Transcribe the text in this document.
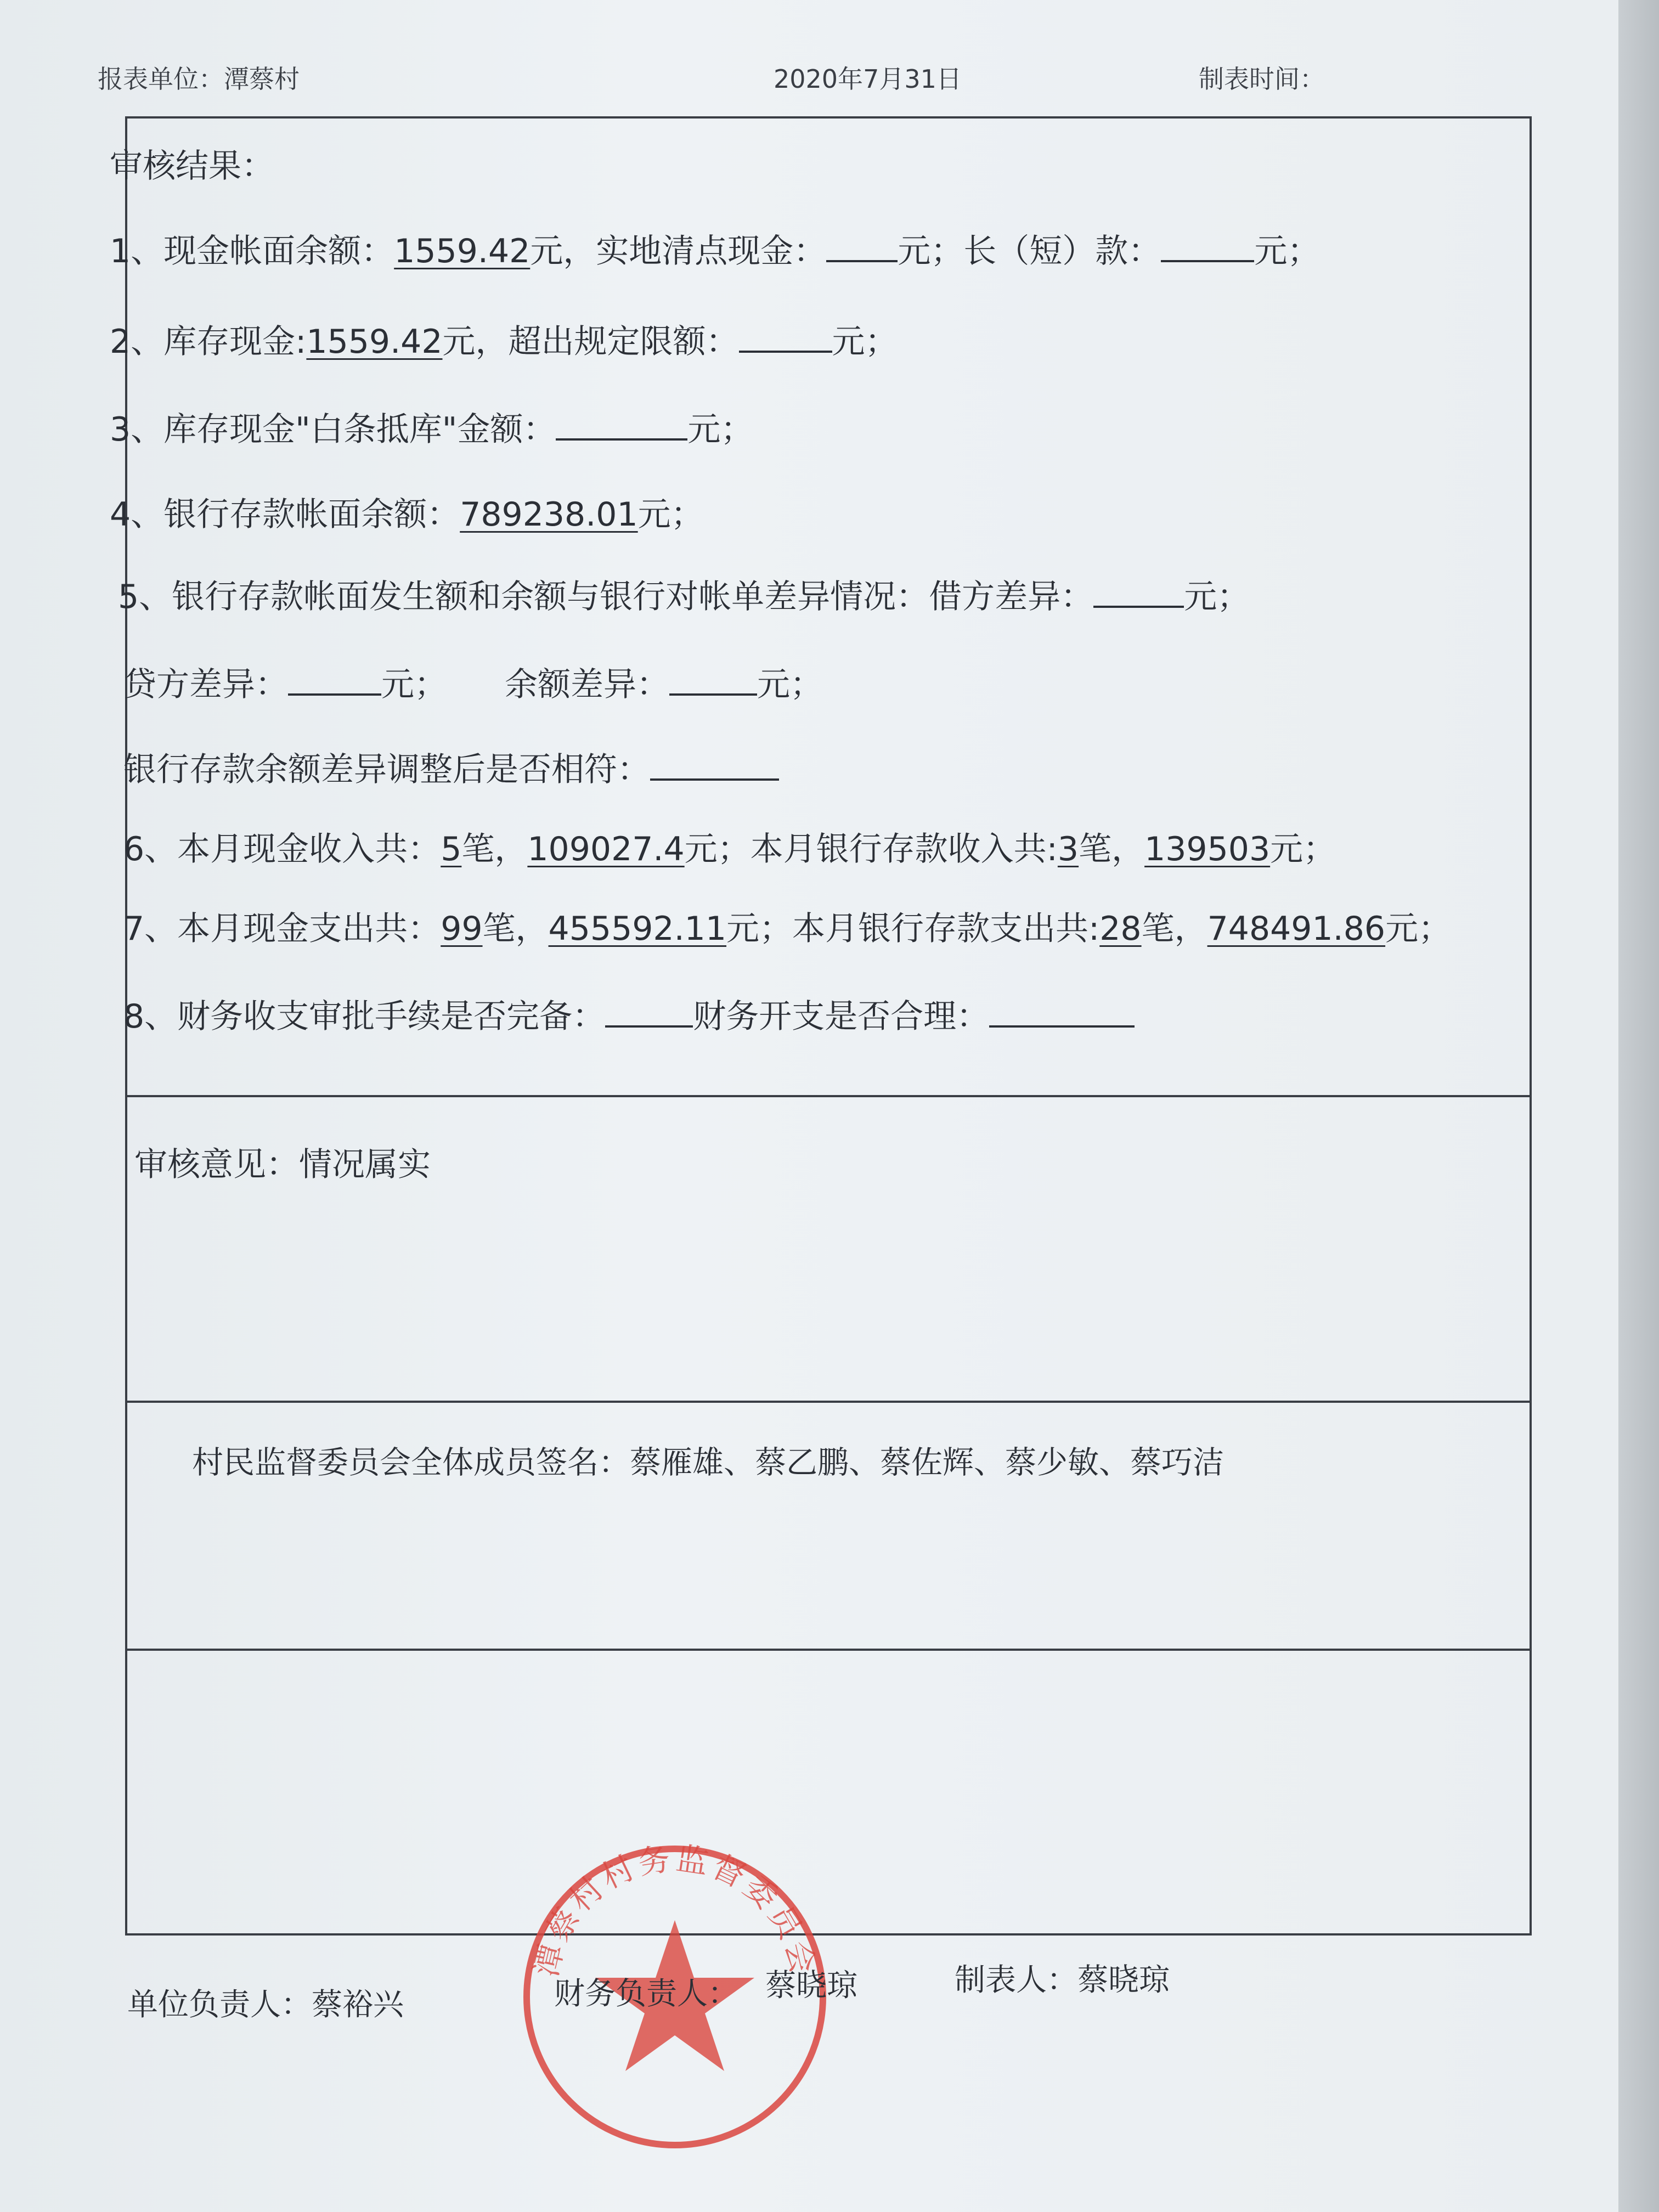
报表单位：潭蔡村	2020年7月31日	制表时间：
审核结果：
1、现金帐面余额：1559.42元，实地清点现金： 元；长（短）款：	元；
2、库存现金:1559.42元，超出规定限额：	元；
3、库存现金"白条抵库"金额：	元；
4、银行存款帐面余额：789238.01元；
5、银行存款帐面发生额和余额与银行对帐单差异情况：借方差异：	元；
贷方差异：	元； 余额差异：	元；
银行存款余额差异调整后是否相符：
6、本月现金收入共：5笔，109027.4元；本月银行存款收入共:3笔，139503元；
7、本月现金支出共：99笔，455592.11元；本月银行存款支出共:28笔，748491.86元；
8、财务收支审批手续是否完备：	财务开支是否合理：
审核意见：情况属实
村民监督委员会全体成员签名：蔡雁雄、蔡乙鹏、蔡佐辉、蔡少敏、蔡巧洁
潭蔡村村务监督委员会
单位负责人：蔡裕兴	财务负责人： 蔡晓琼	制表人：蔡晓琼
